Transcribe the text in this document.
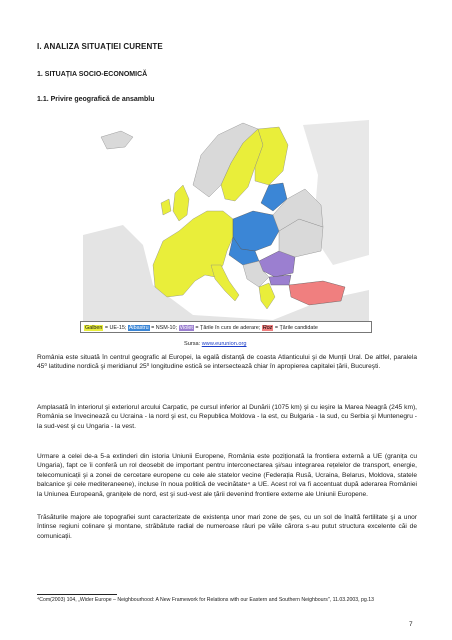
I. ANALIZA SITUAȚIEI CURENTE
1. SITUAȚIA SOCIO-ECONOMICĂ
1.1. Privire geografică de ansamblu
Galben = UE-15; Albastru = NSM-10; Violet = Țările în curs de aderare; Roz = Țările candidate
Sursa: www.eurunion.org
România este situată în centrul geografic al Europei, la egală distanță de coasta Atlanticului şi de Munții Ural. De altfel, paralela 45⁰ latitudine nordică şi meridianul 25⁰ longitudine estică se intersectează chiar în apropierea capitalei țării, Bucureşti.
Amplasată în interiorul şi exteriorul arcului Carpatic, pe cursul inferior al Dunării (1075 km) şi cu ieşire la Marea Neagră (245 km), România se învecinează cu Ucraina - la nord şi est, cu Republica Moldova - la est, cu Bulgaria - la sud, cu Serbia şi Muntenegru - la sud-vest şi cu Ungaria - la vest.
Urmare a celei de-a 5-a extinderi din istoria Uniunii Europene, România este poziționată la frontiera externă a UE (granița cu Ungaria), fapt ce îi conferă un rol deosebit de important pentru interconectarea şi/sau integrarea rețelelor de transport, energie, telecomunicații şi a zonei de cercetare europene cu cele ale statelor vecine (Federația Rusă, Ucraina, Belarus, Moldova, statele balcanice şi cele mediteraneene), incluse în noua politică de vecinătate⁴ a UE. Acest rol va fi accentuat după aderarea României la Uniunea Europeană, granițele de nord, est şi sud-vest ale țării devenind frontiere externe ale Uniunii Europene.
Trăsăturile majore ale topografiei sunt caracterizate de existența unor mari zone de şes, cu un sol de înaltă fertilitate şi a unor întinse regiuni colinare şi montane, străbătute radial de numeroase râuri pe văile cărora s-au putut structura excelente căi de comunicații.
⁴Com(2003) 104, „Wider Europe – Neighbourhood: A New Framework for Relations with our Eastern and Southern Neighbours", 11.03.2003, pg.13
7
